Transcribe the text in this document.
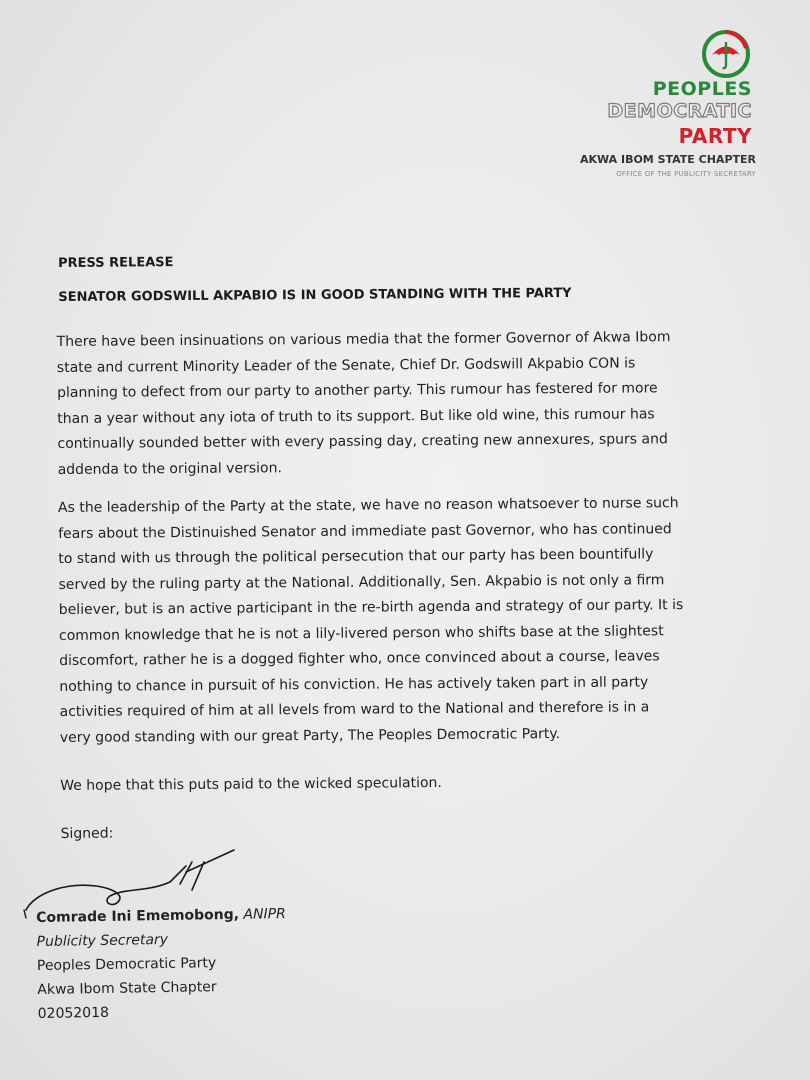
PEOPLES
DEMOCRATIC
PARTY
AKWA IBOM STATE CHAPTER
OFFICE OF THE PUBLICITY SECRETARY

PRESS RELEASE

SENATOR GODSWILL AKPABIO IS IN GOOD STANDING WITH THE PARTY

There have been insinuations on various media that the former Governor of Akwa Ibom
state and current Minority Leader of the Senate, Chief Dr. Godswill Akpabio CON is
planning to defect from our party to another party. This rumour has festered for more
than a year without any iota of truth to its support. But like old wine, this rumour has
continually sounded better with every passing day, creating new annexures, spurs and
addenda to the original version.

As the leadership of the Party at the state, we have no reason whatsoever to nurse such
fears about the Distinuished Senator and immediate past Governor, who has continued
to stand with us through the political persecution that our party has been bountifully
served by the ruling party at the National. Additionally, Sen. Akpabio is not only a firm
believer, but is an active participant in the re-birth agenda and strategy of our party. It is
common knowledge that he is not a lily-livered person who shifts base at the slightest
discomfort, rather he is a dogged fighter who, once convinced about a course, leaves
nothing to chance in pursuit of his conviction. He has actively taken part in all party
activities required of him at all levels from ward to the National and therefore is in a
very good standing with our great Party, The Peoples Democratic Party.

We hope that this puts paid to the wicked speculation.

Signed:

Comrade Ini Ememobong, ANIPR
Publicity Secretary
Peoples Democratic Party
Akwa Ibom State Chapter
02052018
